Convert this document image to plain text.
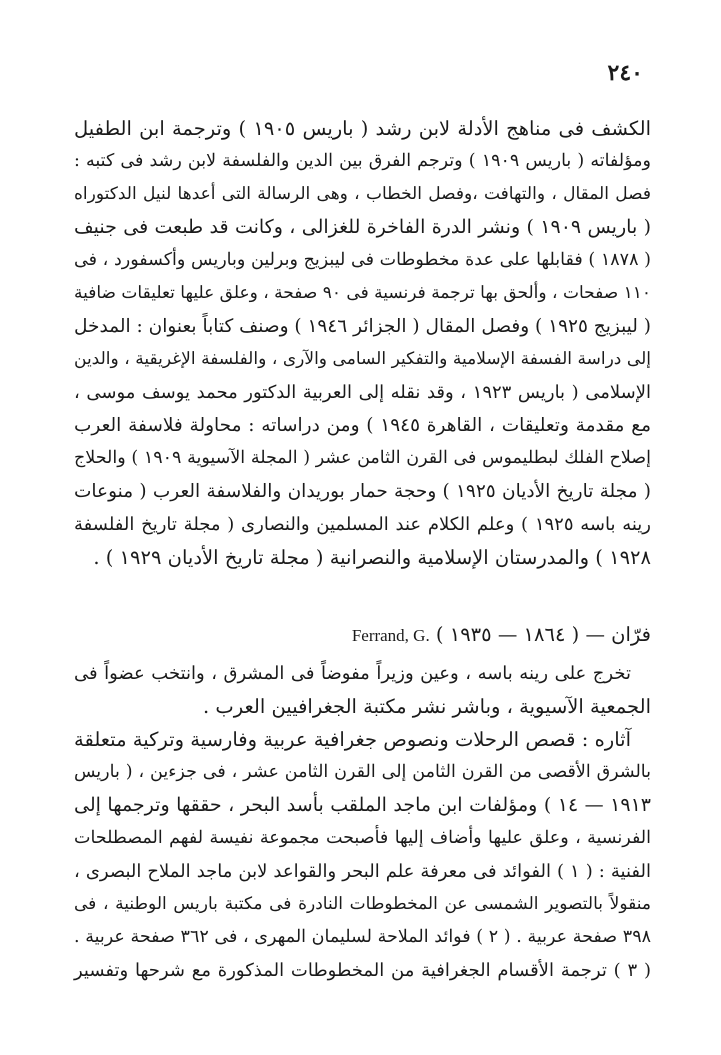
٢٤٠
الكشف فى مناهج الأدلة لابن رشد ( باريس ١٩٠٥ ) وترجمة ابن الطفيل
ومؤلفاته ( باريس ١٩٠٩ ) وترجم الفرق بين الدين والفلسفة لابن رشد فى كتبه :
فصل المقال ، والتهافت ،وفصل الخطاب ، وهى الرسالة التى أعدها لنيل الدكتوراه
( باريس ١٩٠٩ ) ونشر الدرة الفاخرة للغزالى ، وكانت قد طبعت فى جنيف
( ١٨٧٨ ) فقابلها على عدة مخطوطات فى ليبزيج وبرلين وباريس وأكسفورد ، فى
١١٠ صفحات ، وألحق بها ترجمة فرنسية فى ٩٠ صفحة ، وعلق عليها تعليقات ضافية
( ليبزيج ١٩٢٥ ) وفصل المقال ( الجزائر ١٩٤٦ ) وصنف كتاباً بعنوان : المدخل
إلى دراسة الفسفة الإسلامية والتفكير السامى والآرى ، والفلسفة الإغريقية ، والدين
الإسلامى ( باريس ١٩٢٣ ، وقد نقله إلى العربية الدكتور محمد يوسف موسى ،
مع مقدمة وتعليقات ، القاهرة ١٩٤٥ ) ومن دراساته : محاولة فلاسفة العرب
إصلاح الفلك لبطليموس فى القرن الثامن عشر ( المجلة الآسيوية ١٩٠٩ ) والحلاج
( مجلة تاريخ الأديان ١٩٢٥ ) وحجة حمار بوريدان والفلاسفة العرب ( منوعات
رينه باسه ١٩٢٥ ) وعلم الكلام عند المسلمين والنصارى ( مجلة تاريخ الفلسفة
١٩٢٨ ) والمدرستان الإسلامية والنصرانية ( مجلة تاريخ الأديان ١٩٢٩ ) .
فرّان — ( ١٨٦٤ — ١٩٣٥ ) Ferrand, G.
تخرج على رينه باسه ، وعين وزيراً مفوضاً فى المشرق ، وانتخب عضواً فى
الجمعية الآسيوية ، وباشر نشر مكتبة الجغرافيين العرب .
آثاره : قصص الرحلات ونصوص جغرافية عربية وفارسية وتركية متعلقة
بالشرق الأقصى من القرن الثامن إلى القرن الثامن عشر ، فى جزءين ، ( باريس
١٩١٣ — ١٤ ) ومؤلفات ابن ماجد الملقب بأسد البحر ، حققها وترجمها إلى
الفرنسية ، وعلق عليها وأضاف إليها فأصبحت مجموعة نفيسة لفهم المصطلحات
الفنية : ( ١ ) الفوائد فى معرفة علم البحر والقواعد لابن ماجد الملاح البصرى ،
منقولاً بالتصوير الشمسى عن المخطوطات النادرة فى مكتبة باريس الوطنية ، فى
٣٩٨ صفحة عربية . ( ٢ ) فوائد الملاحة لسليمان المهرى ، فى ٣٦٢ صفحة عربية .
( ٣ ) ترجمة الأقسام الجغرافية من المخطوطات المذكورة مع شرحها وتفسير
